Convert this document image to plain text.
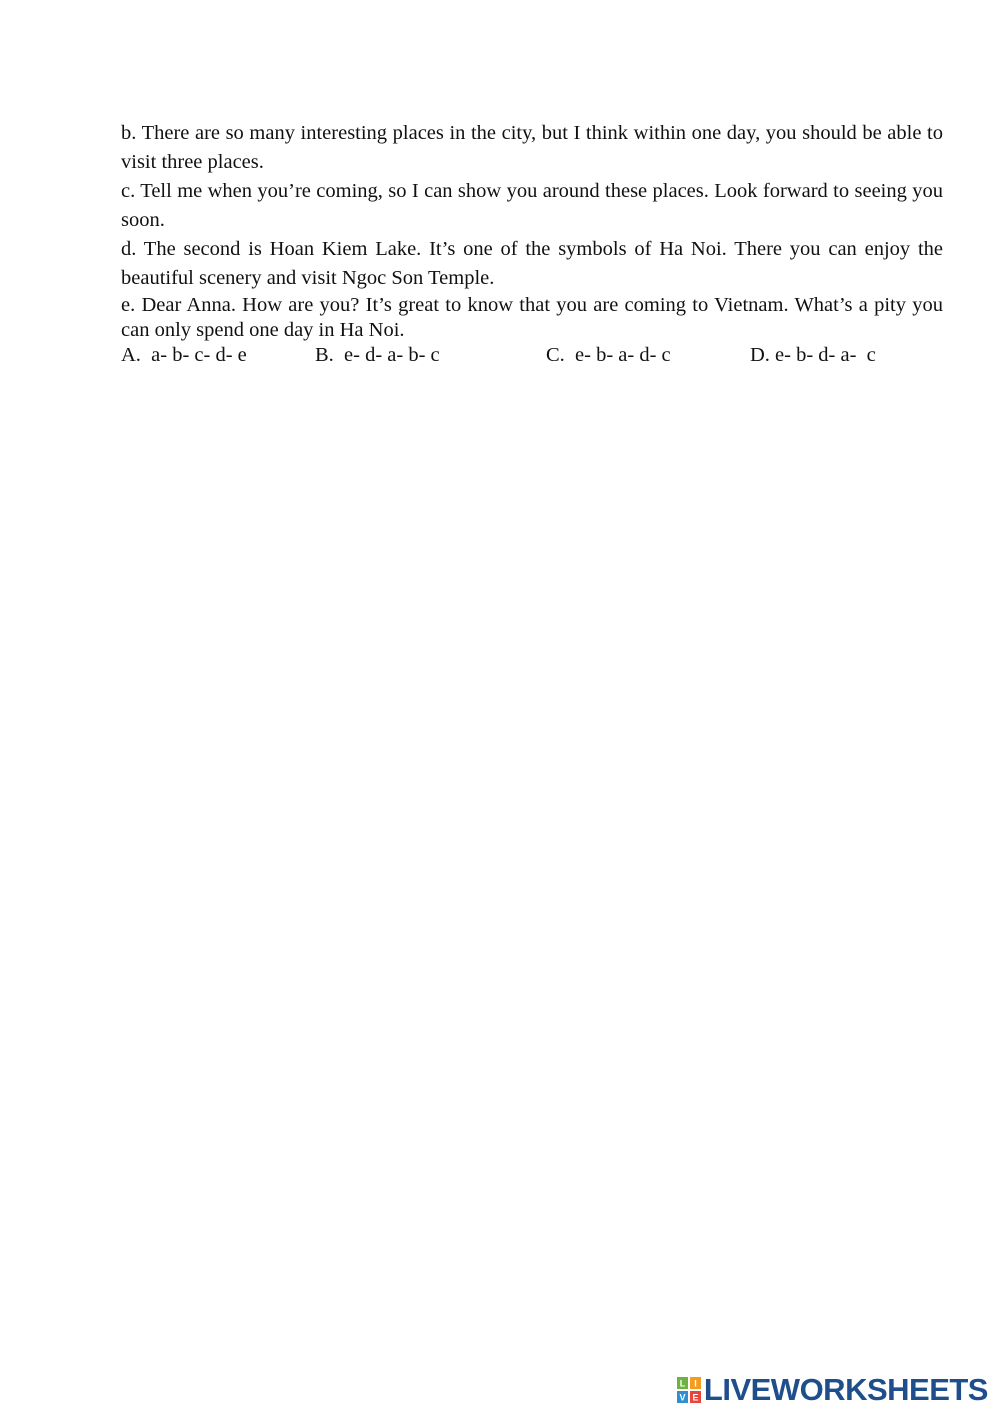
b. There are so many interesting places in the city, but I think within one day, you should be able to visit three places.

c. Tell me when you’re coming, so I can show you around these places. Look forward to seeing you soon.

d. The second is Hoan Kiem Lake. It’s one of the symbols of Ha Noi. There you can enjoy the beautiful scenery and visit Ngoc Son Temple.

e. Dear Anna. How are you? It’s great to know that you are coming to Vietnam. What’s a pity you can only spend one day in Ha Noi.

A.  a- b- c- d- e	B.  e- d- a- b- c	C.  e- b- a- d- c	D. e- b- d- a-  c
L I
V E LIVEWORKSHEETS
